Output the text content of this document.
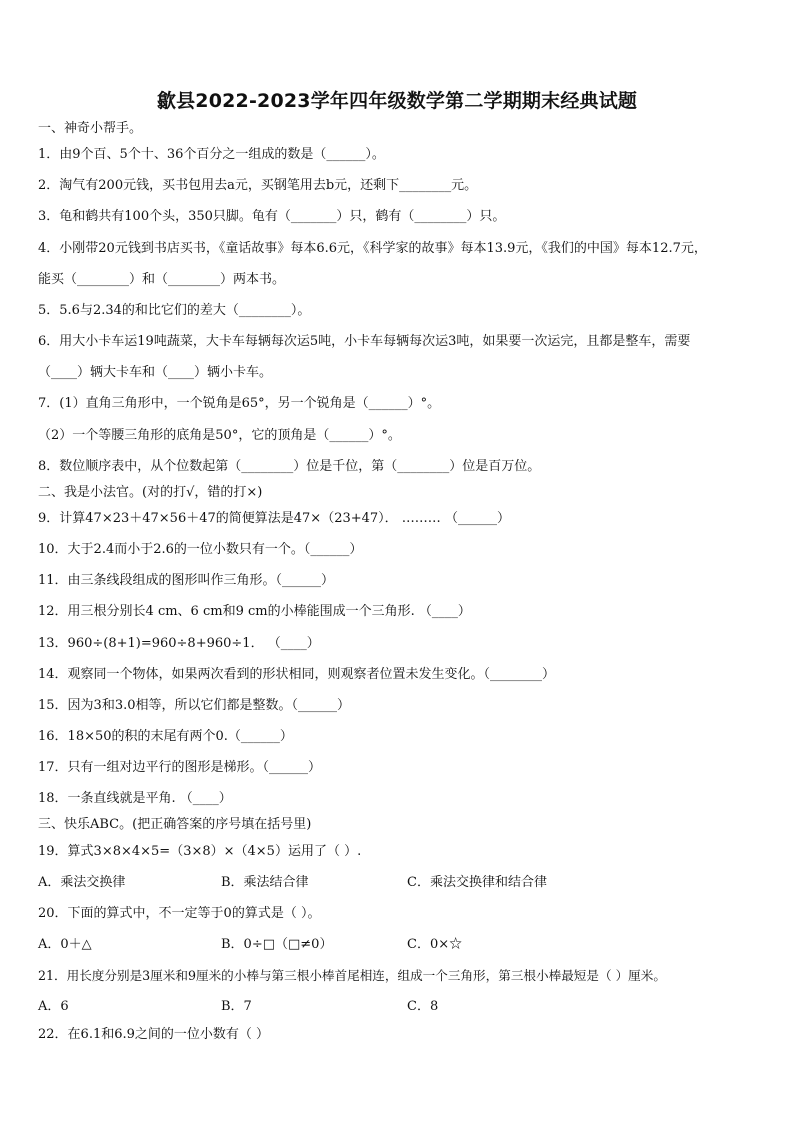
歙县2022-2023学年四年级数学第二学期期末经典试题
一、神奇小帮手。
1．由9个百、5个十、36个百分之一组成的数是（______）。
2．淘气有200元钱，买书包用去a元，买钢笔用去b元，还剩下________元。
3．龟和鹤共有100个头，350只脚。龟有（_______）只，鹤有（________）只。
4．小刚带20元钱到书店买书，《童话故事》每本6.6元，《科学家的故事》每本13.9元，《我们的中国》每本12.7元，
能买（________）和（________）两本书。
5．5.6与2.34的和比它们的差大（________）。
6．用大小卡车运19吨蔬菜，大卡车每辆每次运5吨，小卡车每辆每次运3吨，如果要一次运完，且都是整车，需要
（____）辆大卡车和（____）辆小卡车。
7．(1）直角三角形中，一个锐角是65°，另一个锐角是（______）°。
（2）一个等腰三角形的底角是50°，它的顶角是（______）°。
8．数位顺序表中，从个位数起第（________）位是千位，第（________）位是百万位。
二、我是小法官。(对的打√，错的打×)
9．计算47×23＋47×56＋47的简便算法是47×（23+47）． ……… （______）
10．大于2.4而小于2.6的一位小数只有一个。（______）
11．由三条线段组成的图形叫作三角形。（______）
12．用三根分别长4 cm、6 cm和9 cm的小棒能围成一个三角形. （____）
13．960÷(8+1)=960÷8+960÷1． （____）
14．观察同一个物体，如果两次看到的形状相同，则观察者位置未发生变化。（________）
15．因为3和3.0相等，所以它们都是整数。（______）
16．18×50的积的末尾有两个0.（______）
17．只有一组对边平行的图形是梯形。（______）
18．一条直线就是平角. （____）
三、快乐ABC。(把正确答案的序号填在括号里)
19．算式3×8×4×5=（3×8）×（4×5）运用了（ ）.
A．乘法交换律	B．乘法结合律	C．乘法交换律和结合律
20．下面的算式中，不一定等于0的算式是（ ）。
A．0＋△	B．0÷□（□≠0）	C．0×☆
21．用长度分别是3厘米和9厘米的小棒与第三根小棒首尾相连，组成一个三角形，第三根小棒最短是（ ）厘米。
A．6	B．7	C．8
22．在6.1和6.9之间的一位小数有（ ）
